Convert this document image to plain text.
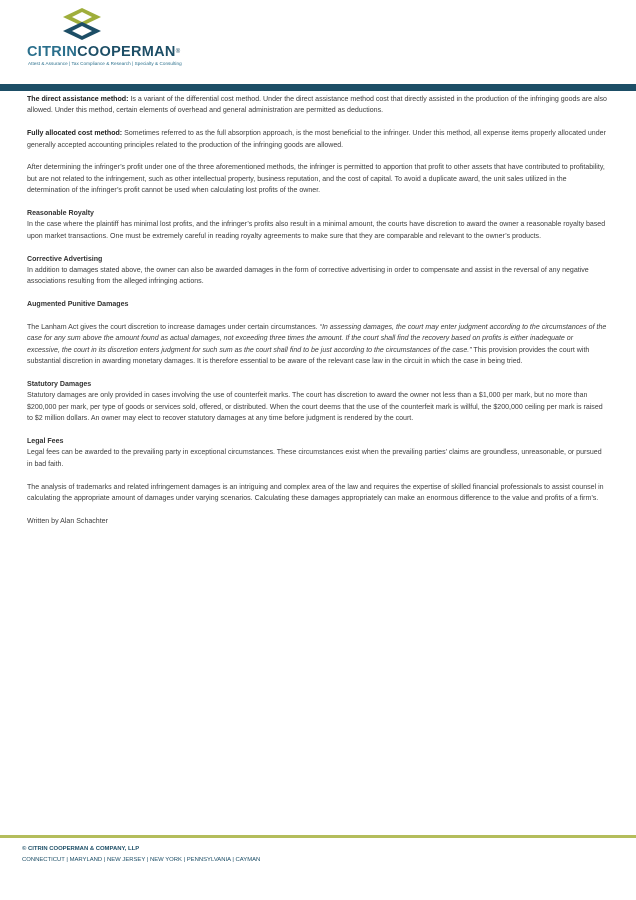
CITRINCOOPERMAN®
Attest & Assurance | Tax Compliance & Research | Specialty & Consulting

The direct assistance method: Is a variant of the differential cost method. Under the direct assistance method cost that directly assisted in the production of the infringing goods are also allowed. Under this method, certain elements of overhead and general administration are permitted as deductions.

Fully allocated cost method: Sometimes referred to as the full absorption approach, is the most beneficial to the infringer. Under this method, all expense items properly allocated under generally accepted accounting principles related to the production of the infringing goods are allowed.

After determining the infringer’s profit under one of the three aforementioned methods, the infringer is permitted to apportion that profit to other assets that have contributed to profitability, but are not related to the infringement, such as other intellectual property, business reputation, and the cost of capital. To avoid a duplicate award, the unit sales utilized in the determination of the infringer’s profit cannot be used when calculating lost profits of the owner.

Reasonable Royalty

In the case where the plaintiff has minimal lost profits, and the infringer’s profits also result in a minimal amount, the courts have discretion to award the owner a reasonable royalty based upon market transactions. One must be extremely careful in reading royalty agreements to make sure that they are comparable and relevant to the owner’s products.

Corrective Advertising

In addition to damages stated above, the owner can also be awarded damages in the form of corrective advertising in order to compensate and assist in the reversal of any negative associations resulting from the alleged infringing actions.

Augmented Punitive Damages

The Lanham Act gives the court discretion to increase damages under certain circumstances. “In assessing damages, the court may enter judgment according to the circumstances of the case for any sum above the amount found as actual damages, not exceeding three times the amount. If the court shall find the recovery based on profits is either inadequate or excessive, the court in its discretion enters judgment for such sum as the court shall find to be just according to the circumstances of the case.” This provision provides the court with substantial discretion in awarding monetary damages. It is therefore essential to be aware of the relevant case law in the circuit in which the case in being tried.

Statutory Damages

Statutory damages are only provided in cases involving the use of counterfeit marks. The court has discretion to award the owner not less than a $1,000 per mark, but no more than $200,000 per mark, per type of goods or services sold, offered, or distributed. When the court deems that the use of the counterfeit mark is willful, the $200,000 ceiling per mark is raised to $2 million dollars. An owner may elect to recover statutory damages at any time before judgment is rendered by the court.

Legal Fees

Legal fees can be awarded to the prevailing party in exceptional circumstances. These circumstances exist when the prevailing parties’ claims are groundless, unreasonable, or pursued in bad faith.

The analysis of trademarks and related infringement damages is an intriguing and complex area of the law and requires the expertise of skilled financial professionals to assist counsel in calculating the appropriate amount of damages under varying scenarios. Calculating these damages appropriately can make an enormous difference to the value and profits of a firm’s.

Written by Alan Schachter

© CITRIN COOPERMAN & COMPANY, LLP
CONNECTICUT | MARYLAND | NEW JERSEY | NEW YORK | PENNSYLVANIA | CAYMAN
